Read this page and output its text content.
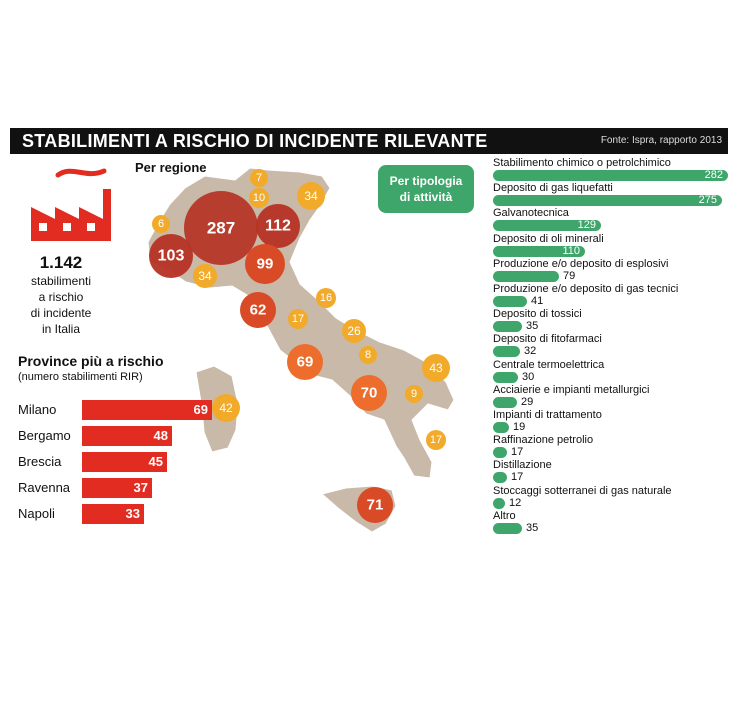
STABILIMENTI A RISCHIO DI INCIDENTE RILEVANTE	Fonte: Ispra, rapporto 2013
1.142
stabilimenti
a rischio
di incidente
in Italia
Per regione
7
10	34
6	287 112
103	99
34
16
62
17
26
8
69	43
70	9
42
17
71
Province più a rischio
(numero stabilimenti RIR)
Milano	69
Bergamo	48
Brescia	45
Ravenna	37
Napoli	33
Per tipologia
di attività
Stabilimento chimico o petrolchimico
282
Deposito di gas liquefatti
275
Galvanotecnica
129
Deposito di oli minerali
110
Produzione e/o deposito di esplosivi
79
Produzione e/o deposito di gas tecnici
41
Deposito di tossici
35
Deposito di fitofarmaci
32
Centrale termoelettrica
30
Acciaierie e impianti metallurgici
29
Impianti di trattamento
19
Raffinazione petrolio
17
Distillazione
17
Stoccaggi sotterranei di gas naturale
12
Altro
35
